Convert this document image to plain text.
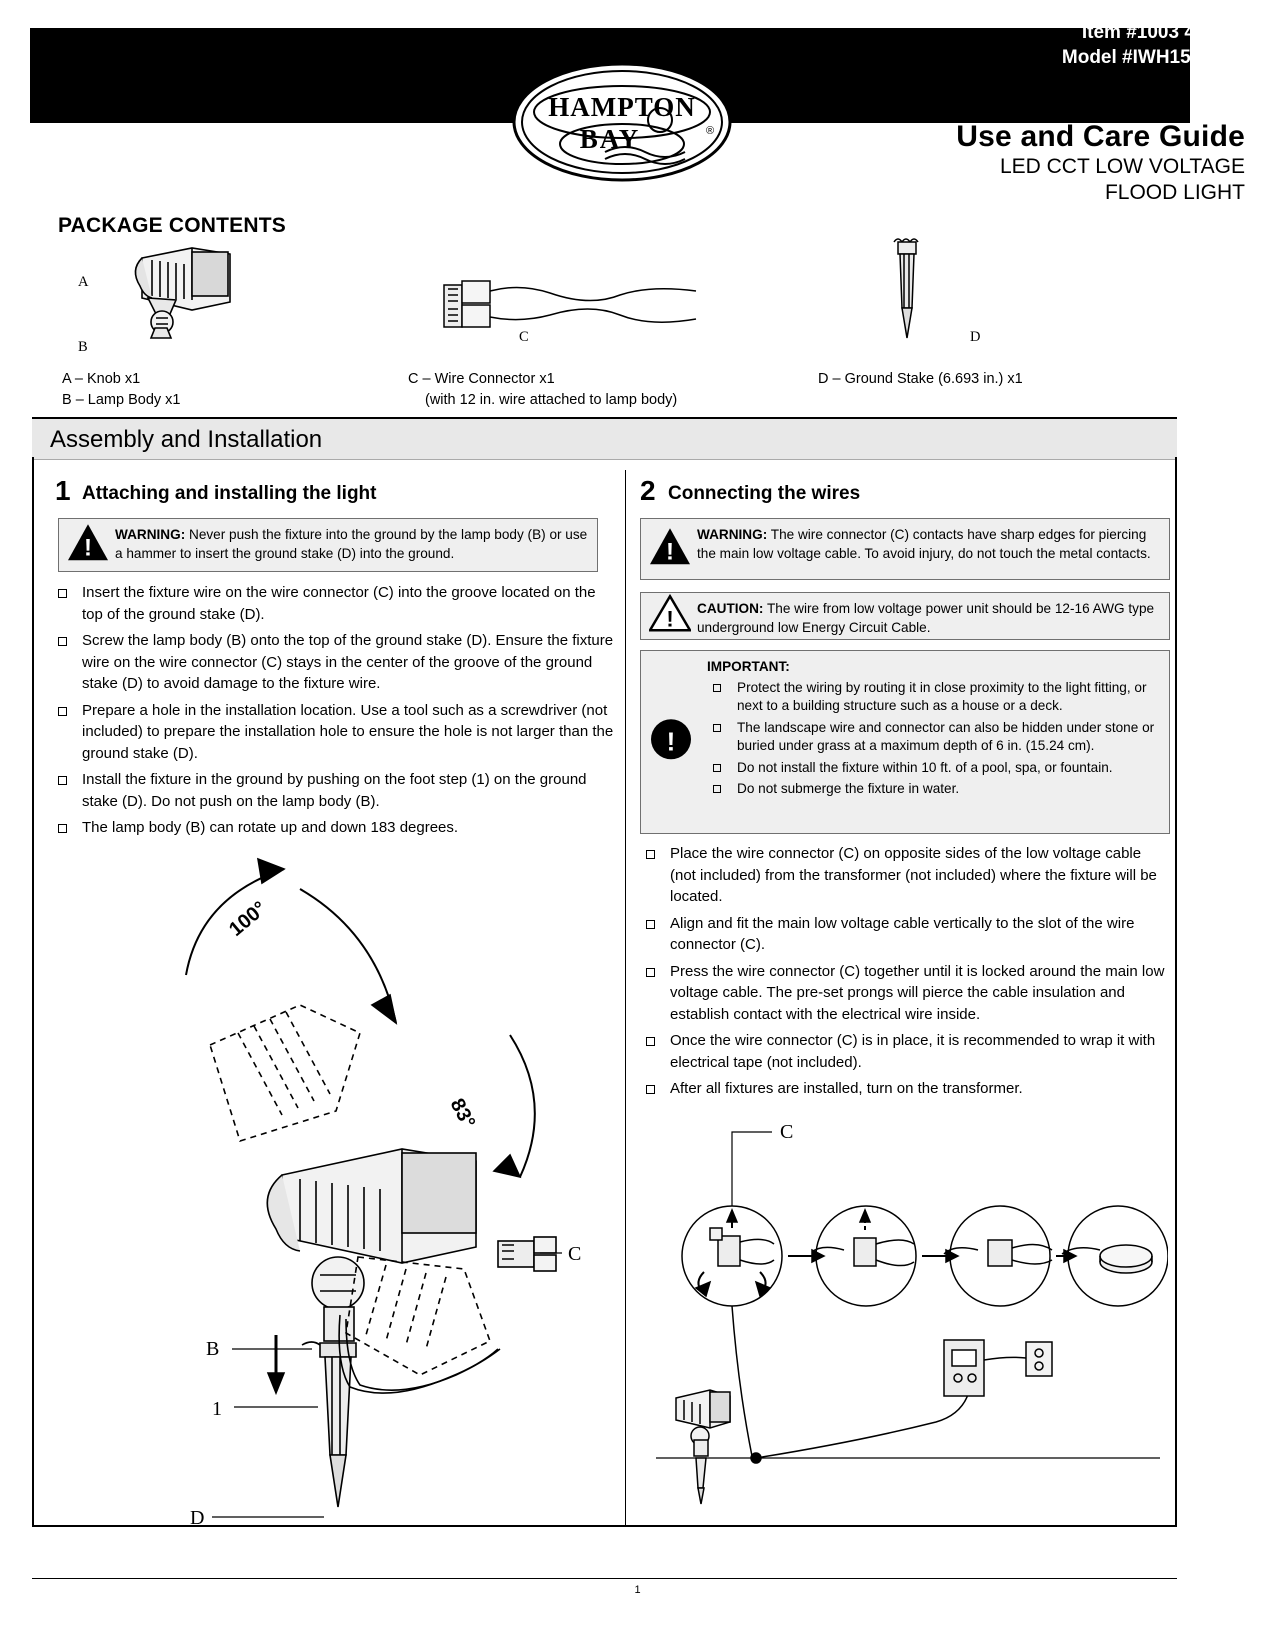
Item #1003 452 837
Model #IWH1501LS-6
HAMPTON
BAY	®	Use and Care Guide
LED CCT LOW VOLTAGE
FLOOD LIGHT
PACKAGE CONTENTS
A
B
C	D
A – Knob x1
B – Lamp Body x1
C – Wire Connector x1
(with 12 in. wire attached to lamp body)
D – Ground Stake (6.693 in.) x1
Assembly and Installation
1 Attaching and installing the light
! WARNING: Never push the fixture into the ground by the lamp body (B) or use a hammer to insert the ground stake (D) into the ground.
Insert the fixture wire on the wire connector (C) into the groove located on the top of the ground stake (D).
Screw the lamp body (B) onto the top of the ground stake (D). Ensure the fixture wire on the wire connector (C) stays in the center of the groove of the ground stake (D) to avoid damage to the fixture wire.
Prepare a hole in the installation location. Use a tool such as a screwdriver (not included) to prepare the installation hole to ensure the hole is not larger than the ground stake (D).
Install the fixture in the ground by pushing on the foot step (1) on the ground stake (D). Do not push on the lamp body (B).
The lamp body (B) can rotate up and down 183 degrees.
B
1
D
C
100°
83°
2 Connecting the wires
!
WARNING: The wire connector (C) contacts have sharp edges for piercing the main low voltage cable. To avoid injury, do not touch the metal contacts.
! CAUTION: The wire from low voltage power unit should be 12-16 AWG type underground low Energy Circuit Cable.
!
IMPORTANT:
Protect the wiring by routing it in close proximity to the light fitting, or next to a building structure such as a house or a deck.
The landscape wire and connector can also be hidden under stone or buried under grass at a maximum depth of 6 in. (15.24 cm).
Do not install the fixture within 10 ft. of a pool, spa, or fountain.
Do not submerge the fixture in water.
Place the wire connector (C) on opposite sides of the low voltage cable (not included) from the transformer (not included) where the fixture will be located.
Align and fit the main low voltage cable vertically to the slot of the wire connector (C).
Press the wire connector (C) together until it is locked around the main low voltage cable. The pre-set prongs will pierce the cable insulation and establish contact with the electrical wire inside.
Once the wire connector (C) is in place, it is recommended to wrap it with electrical tape (not included).
After all fixtures are installed, turn on the transformer.
C
1
